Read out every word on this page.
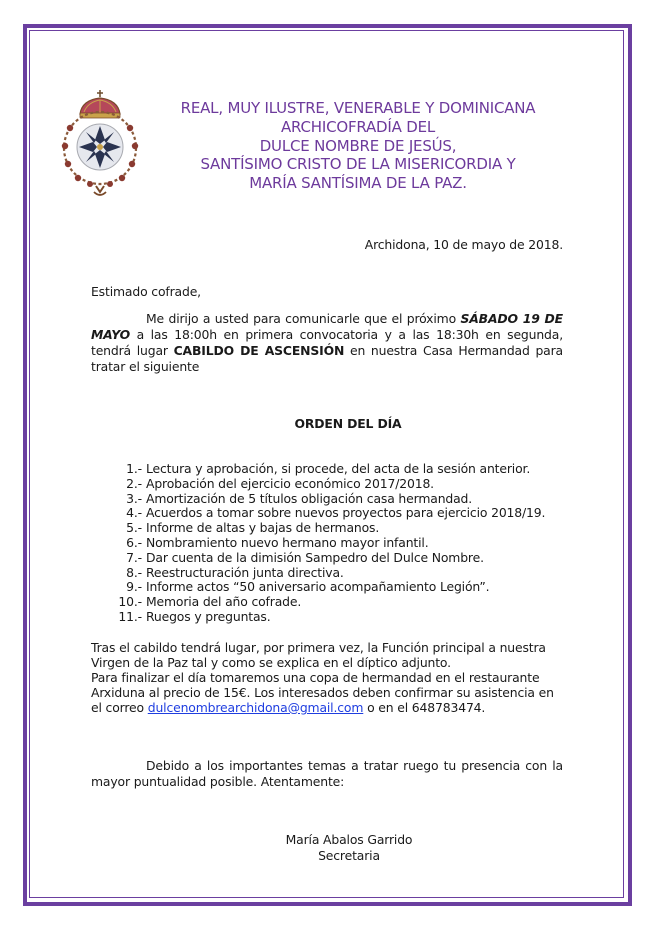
REAL, MUY ILUSTRE, VENERABLE Y DOMINICANA
ARCHICOFRADÍA DEL
DULCE NOMBRE DE JESÚS,
SANTÍSIMO CRISTO DE LA MISERICORDIA Y
MARÍA SANTÍSIMA DE LA PAZ.
Archidona, 10 de mayo de 2018.
Estimado cofrade,
Me dirijo a usted para comunicarle que el próximo SÁBADO 19 DE MAYO a las 18:00h en primera convocatoria y a las 18:30h en segunda, tendrá lugar CABILDO DE ASCENSIÓN en nuestra Casa Hermandad para tratar el siguiente
ORDEN DEL DÍA
1.- Lectura y aprobación, si procede, del acta de la sesión anterior.
2.- Aprobación del ejercicio económico 2017/2018.
3.- Amortización de 5 títulos obligación casa hermandad.
4.- Acuerdos a tomar sobre nuevos proyectos para ejercicio 2018/19.
5.- Informe de altas y bajas de hermanos.
6.- Nombramiento nuevo hermano mayor infantil.
7.- Dar cuenta de la dimisión Sampedro del Dulce Nombre.
8.- Reestructuración junta directiva.
9.- Informe actos “50 aniversario acompañamiento Legión”.
10.- Memoria del año cofrade.
11.- Ruegos y preguntas.
Tras el cabildo tendrá lugar, por primera vez, la Función principal a nuestra
Virgen de la Paz tal y como se explica en el díptico adjunto.
Para finalizar el día tomaremos una copa de hermandad en el restaurante
Arxiduna al precio de 15€. Los interesados deben confirmar su asistencia en
el correo dulcenombrearchidona@gmail.com o en el 648783474.
Debido a los importantes temas a tratar ruego tu presencia con la mayor puntualidad posible. Atentamente:
María Abalos Garrido
Secretaria
